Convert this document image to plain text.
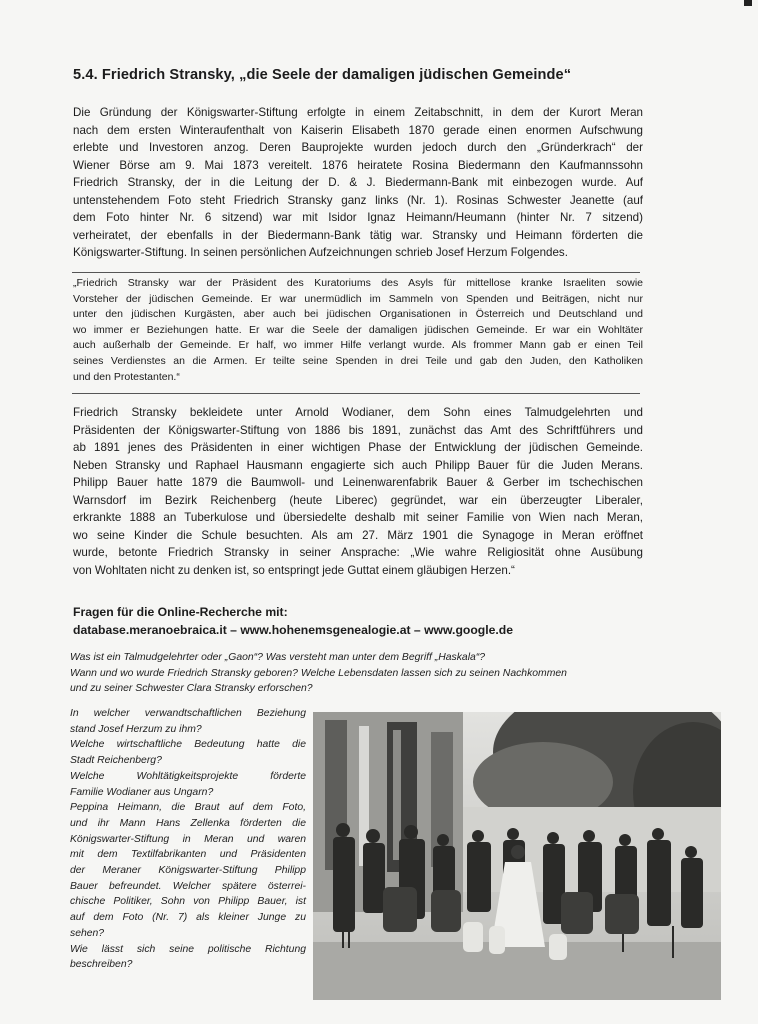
5.4. Friedrich Stransky, „die Seele der damaligen jüdischen Gemeinde“
Die Gründung der Königswarter-Stiftung erfolgte in einem Zeitabschnitt, in dem der Kurort Meran
nach dem ersten Winteraufenthalt von Kaiserin Elisabeth 1870 gerade einen enormen Aufschwung
erlebte und Investoren anzog. Deren Bauprojekte wurden jedoch durch den „Gründerkrach“ der
Wiener Börse am 9. Mai 1873 vereitelt. 1876 heiratete Rosina Biedermann den Kaufmannssohn
Friedrich Stransky, der in die Leitung der D. & J. Biedermann-Bank mit einbezogen wurde. Auf
untenstehendem Foto steht Friedrich Stransky ganz links (Nr. 1). Rosinas Schwester Jeanette (auf
dem Foto hinter Nr. 6 sitzend) war mit Isidor Ignaz Heimann/Heumann (hinter Nr. 7 sitzend)
verheiratet, der ebenfalls in der Biedermann-Bank tätig war. Stransky und Heimann förderten die
Königswarter-Stiftung. In seinen persönlichen Aufzeichnungen schrieb Josef Herzum Folgendes.
„Friedrich Stransky war der Präsident des Kuratoriums des Asyls für mittellose kranke Israeliten sowie
Vorsteher der jüdischen Gemeinde. Er war unermüdlich im Sammeln von Spenden und Beiträgen, nicht nur
unter den jüdischen Kurgästen, aber auch bei jüdischen Organisationen in Österreich und Deutschland und
wo immer er Beziehungen hatte. Er war die Seele der damaligen jüdischen Gemeinde. Er war ein Wohltäter
auch außerhalb der Gemeinde. Er half, wo immer Hilfe verlangt wurde. Als frommer Mann gab er einen Teil
seines Verdienstes an die Armen. Er teilte seine Spenden in drei Teile und gab den Juden, den Katholiken
und den Protestanten.“
Friedrich Stransky bekleidete unter Arnold Wodianer, dem Sohn eines Talmudgelehrten und
Präsidenten der Königswarter-Stiftung von 1886 bis 1891, zunächst das Amt des Schriftführers und
ab 1891 jenes des Präsidenten in einer wichtigen Phase der Entwicklung der jüdischen Gemeinde.
Neben Stransky und Raphael Hausmann engagierte sich auch Philipp Bauer für die Juden Merans.
Philipp Bauer hatte 1879 die Baumwoll- und Leinenwarenfabrik Bauer & Gerber im tschechischen
Warnsdorf im Bezirk Reichenberg (heute Liberec) gegründet, war ein überzeugter Liberaler,
erkrankte 1888 an Tuberkulose und übersiedelte deshalb mit seiner Familie von Wien nach Meran,
wo seine Kinder die Schule besuchten. Als am 27. März 1901 die Synagoge in Meran eröffnet
wurde, betonte Friedrich Stransky in seiner Ansprache: „Wie wahre Religiosität ohne Ausübung
von Wohltaten nicht zu denken ist, so entspringt jede Guttat einem gläubigen Herzen.“
Fragen für die Online-Recherche mit:
database.meranoebraica.it – www.hohenemsgenealogie.at – www.google.de
Was ist ein Talmudgelehrter oder „Gaon“? Was versteht man unter dem Begriff „Haskala“?
Wann und wo wurde Friedrich Stransky geboren? Welche Lebensdaten lassen sich zu seinen Nachkommen
und zu seiner Schwester Clara Stransky erforschen?
In welcher verwandtschaftlichen Beziehung
stand Josef Herzum zu ihm?
Welche wirtschaftliche Bedeutung hatte die
Stadt Reichenberg?
Welche Wohltätigkeitsprojekte förderte
Familie Wodianer aus Ungarn?
Peppina Heimann, die Braut auf dem Foto,
und ihr Mann Hans Zellenka förderten die
Königswarter-Stiftung in Meran und waren
mit dem Textilfabrikanten und Präsidenten
der Meraner Königswarter-Stiftung Philipp
Bauer befreundet. Welcher spätere österrei-
chische Politiker, Sohn von Philipp Bauer, ist
auf dem Foto (Nr. 7) als kleiner Junge zu
sehen?
Wie lässt sich seine politische Richtung
beschreiben?
